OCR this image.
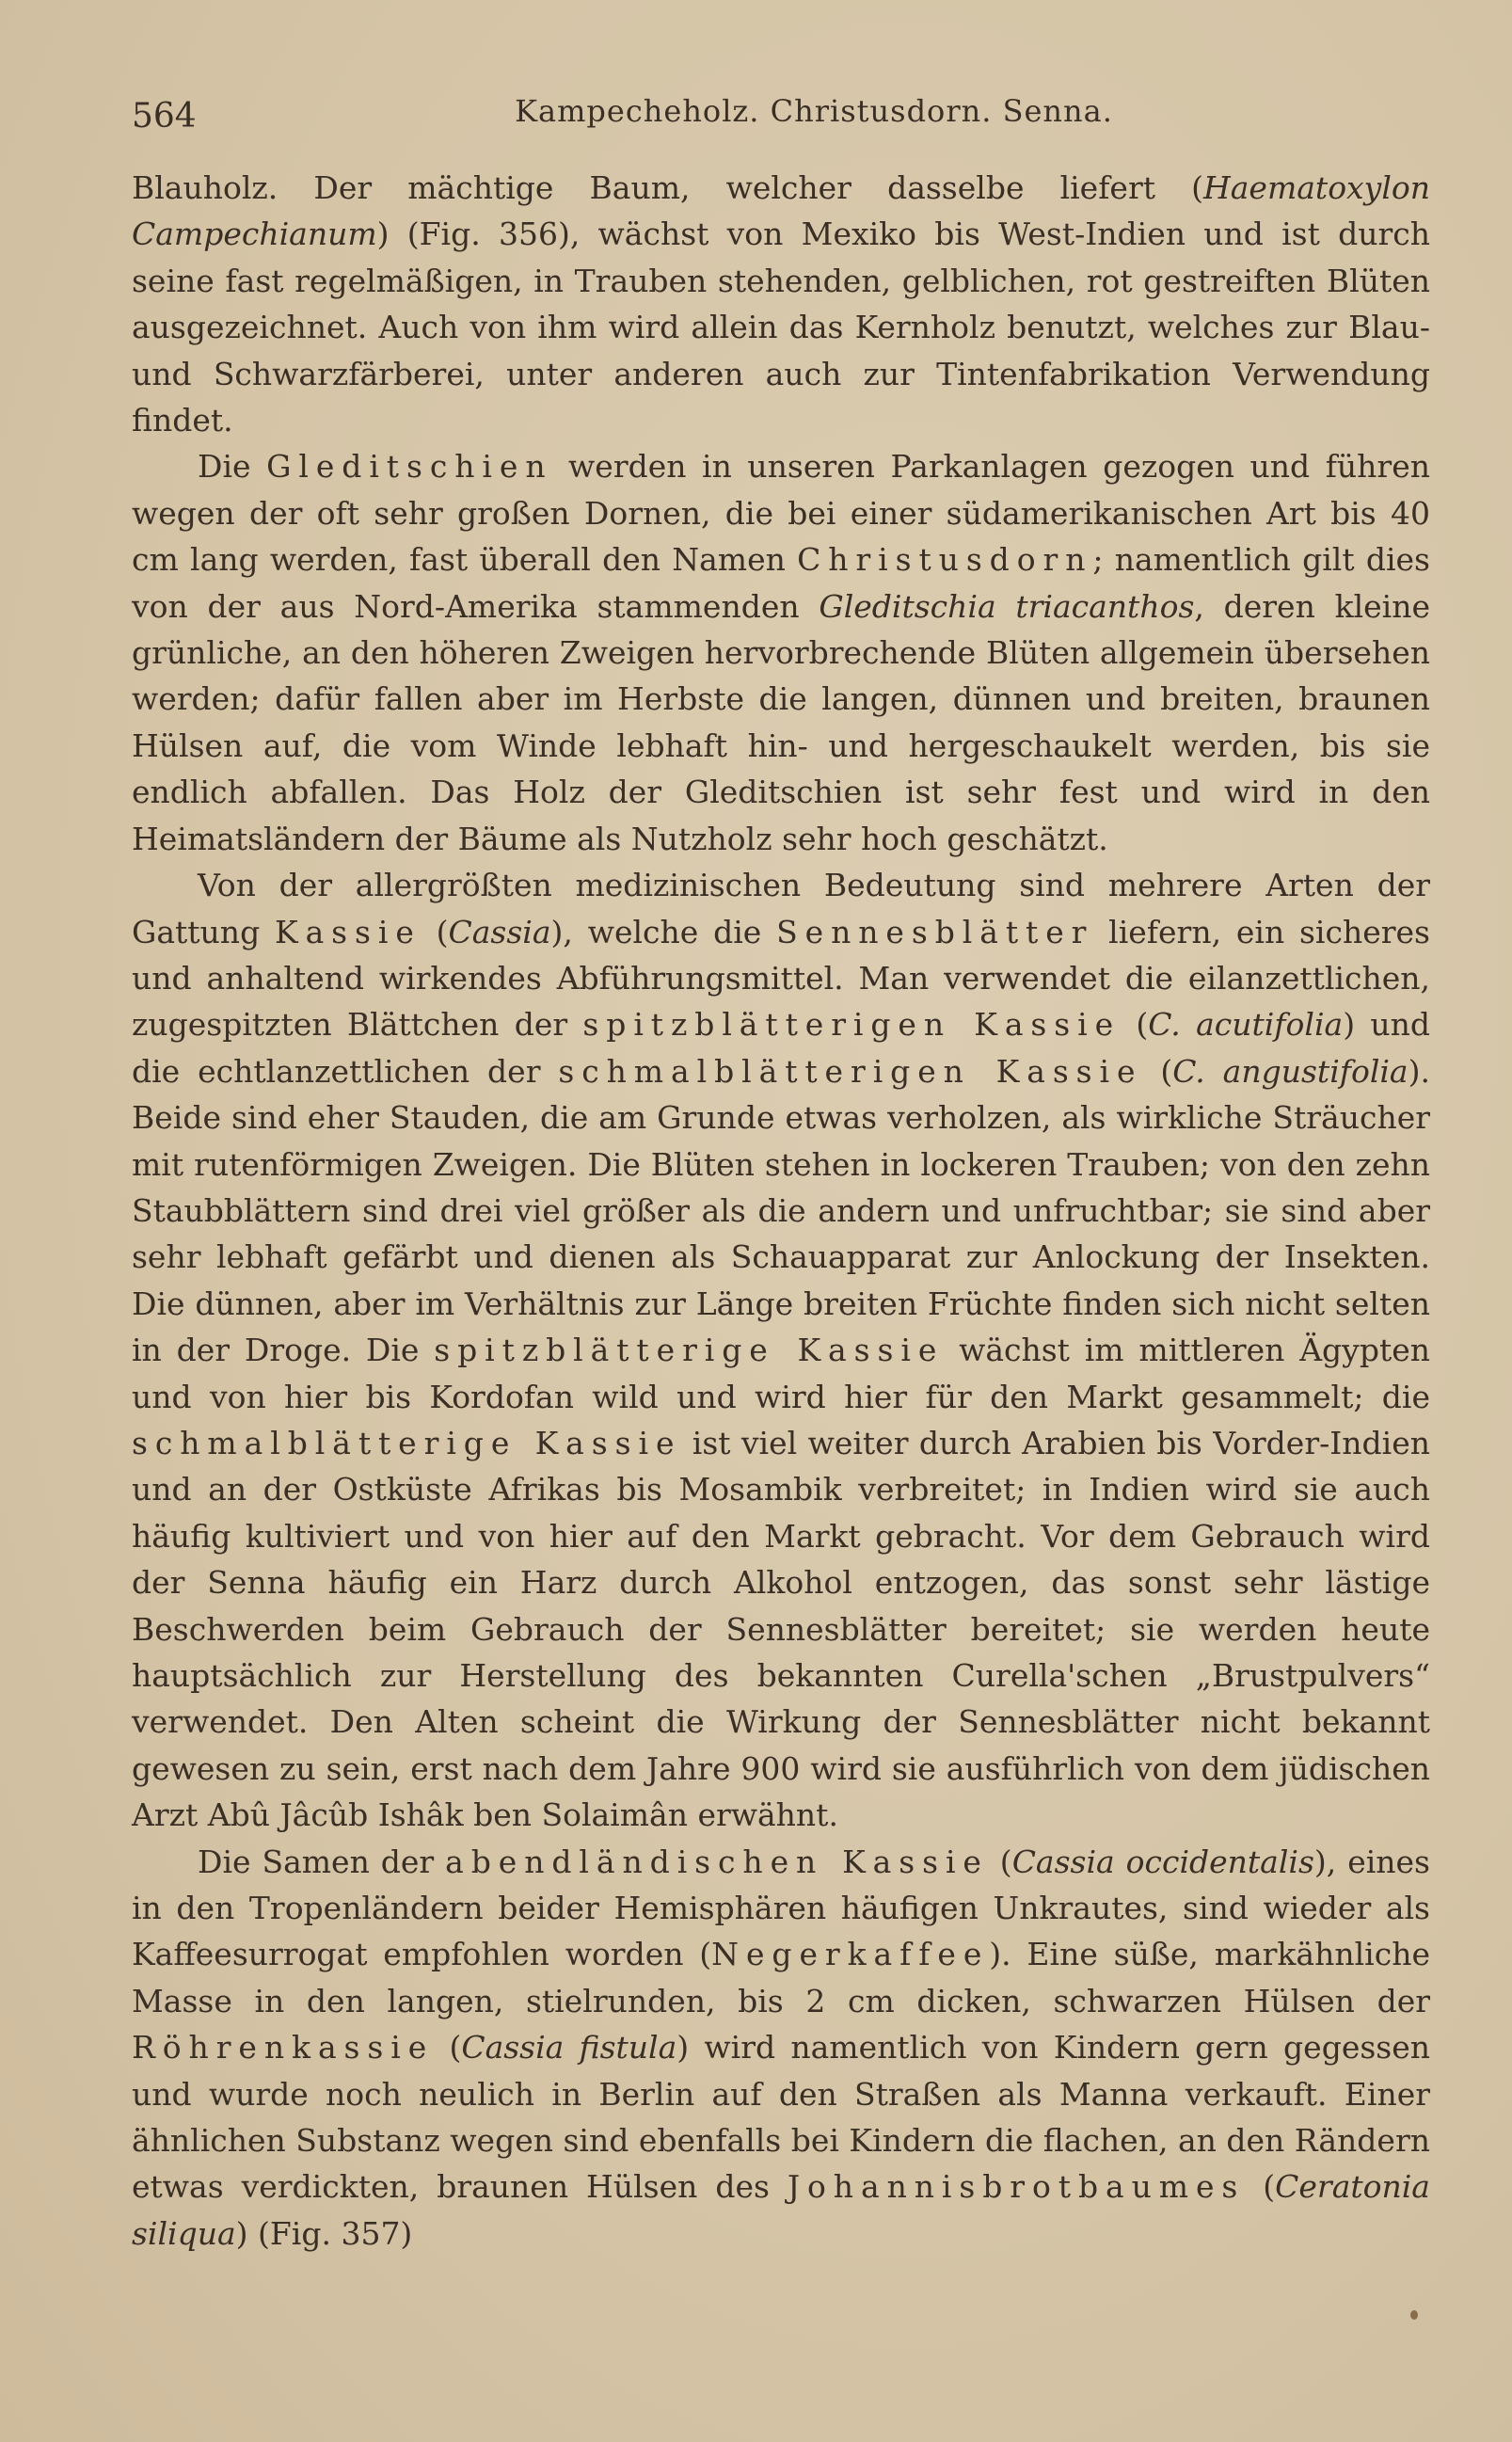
564	Kampecheholz. Christusdorn. Senna.

Blauholz. Der mächtige Baum, welcher dasselbe liefert (Haematoxylon Campechianum) (Fig. 356), wächst von Mexiko bis West-Indien und ist durch seine fast regelmäßigen, in Trauben stehenden, gelblichen, rot gestreiften Blüten ausgezeichnet. Auch von ihm wird allein das Kernholz benutzt, welches zur Blau- und Schwarzfärberei, unter anderen auch zur Tintenfabrikation Verwendung findet.

Die Gleditschien werden in unseren Parkanlagen gezogen und führen wegen der oft sehr großen Dornen, die bei einer südamerikanischen Art bis 40 cm lang werden, fast überall den Namen Christusdorn; namentlich gilt dies von der aus Nord-Amerika stammenden Gleditschia triacanthos, deren kleine grünliche, an den höheren Zweigen hervorbrechende Blüten allgemein übersehen werden; dafür fallen aber im Herbste die langen, dünnen und breiten, braunen Hülsen auf, die vom Winde lebhaft hin- und hergeschaukelt werden, bis sie endlich abfallen. Das Holz der Gleditschien ist sehr fest und wird in den Heimatsländern der Bäume als Nutzholz sehr hoch geschätzt.

Von der allergrößten medizinischen Bedeutung sind mehrere Arten der Gattung Kassie (Cassia), welche die Sennesblätter liefern, ein sicheres und anhaltend wirkendes Abführungsmittel. Man verwendet die eilanzettlichen, zugespitzten Blättchen der spitzblätterigen Kassie (C. acutifolia) und die echtlanzettlichen der schmalblätterigen Kassie (C. angustifolia). Beide sind eher Stauden, die am Grunde etwas verholzen, als wirkliche Sträucher mit rutenförmigen Zweigen. Die Blüten stehen in lockeren Trauben; von den zehn Staubblättern sind drei viel größer als die andern und unfruchtbar; sie sind aber sehr lebhaft gefärbt und dienen als Schauapparat zur Anlockung der Insekten. Die dünnen, aber im Verhältnis zur Länge breiten Früchte finden sich nicht selten in der Droge. Die spitzblätterige Kassie wächst im mittleren Ägypten und von hier bis Kordofan wild und wird hier für den Markt gesammelt; die schmalblätterige Kassie ist viel weiter durch Arabien bis Vorder-Indien und an der Ostküste Afrikas bis Mosambik verbreitet; in Indien wird sie auch häufig kultiviert und von hier auf den Markt gebracht. Vor dem Gebrauch wird der Senna häufig ein Harz durch Alkohol entzogen, das sonst sehr lästige Beschwerden beim Gebrauch der Sennesblätter bereitet; sie werden heute hauptsächlich zur Herstellung des bekannten Curella'schen „Brustpulvers“ verwendet. Den Alten scheint die Wirkung der Sennesblätter nicht bekannt gewesen zu sein, erst nach dem Jahre 900 wird sie ausführlich von dem jüdischen Arzt Abû Jâcûb Ishâk ben Solaimân erwähnt.

Die Samen der abendländischen Kassie (Cassia occidentalis), eines in den Tropenländern beider Hemisphären häufigen Unkrautes, sind wieder als Kaffeesurrogat empfohlen worden (Negerkaffee). Eine süße, markähnliche Masse in den langen, stielrunden, bis 2 cm dicken, schwarzen Hülsen der Röhrenkassie (Cassia fistula) wird namentlich von Kindern gern gegessen und wurde noch neulich in Berlin auf den Straßen als Manna verkauft. Einer ähnlichen Substanz wegen sind ebenfalls bei Kindern die flachen, an den Rändern etwas verdickten, braunen Hülsen des Johannisbrotbaumes (Ceratonia siliqua) (Fig. 357)
